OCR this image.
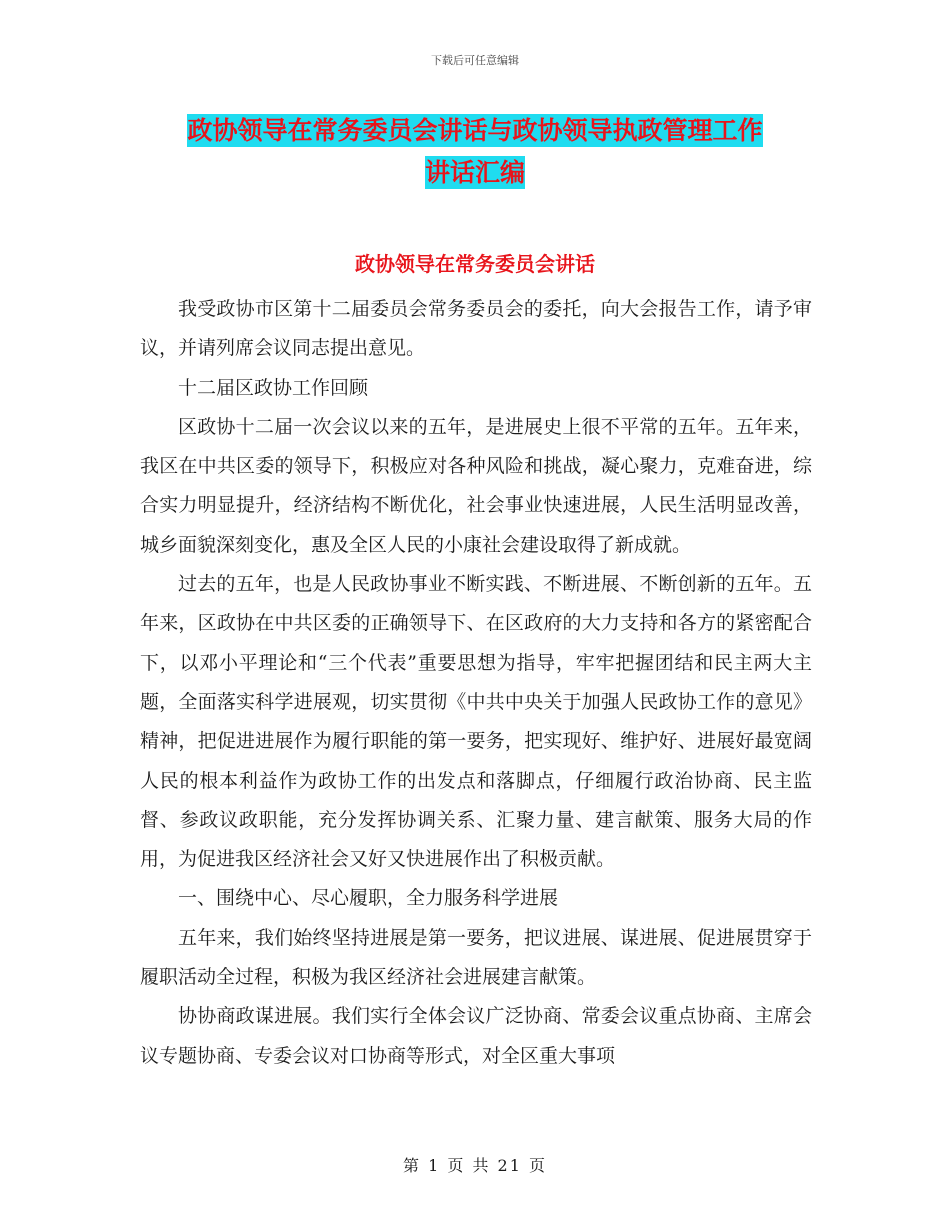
下载后可任意编辑
政协领导在常务委员会讲话与政协领导执政管理工作
讲话汇编
政协领导在常务委员会讲话

我受政协市区第十二届委员会常务委员会的委托，向大会报告工作，请予审议，并请列席会议同志提出意见。

十二届区政协工作回顾

区政协十二届一次会议以来的五年，是进展史上很不平常的五年。五年来，我区在中共区委的领导下，积极应对各种风险和挑战，凝心聚力，克难奋进，综合实力明显提升，经济结构不断优化，社会事业快速进展，人民生活明显改善，城乡面貌深刻变化，惠及全区人民的小康社会建设取得了新成就。

过去的五年，也是人民政协事业不断实践、不断进展、不断创新的五年。五年来，区政协在中共区委的正确领导下、在区政府的大力支持和各方的紧密配合下，以邓小平理论和“三个代表”重要思想为指导，牢牢把握团结和民主两大主题，全面落实科学进展观，切实贯彻《中共中央关于加强人民政协工作的意见》精神，把促进进展作为履行职能的第一要务，把实现好、维护好、进展好最宽阔人民的根本利益作为政协工作的出发点和落脚点，仔细履行政治协商、民主监督、参政议政职能，充分发挥协调关系、汇聚力量、建言献策、服务大局的作用，为促进我区经济社会又好又快进展作出了积极贡献。

一、围绕中心、尽心履职，全力服务科学进展

五年来，我们始终坚持进展是第一要务，把议进展、谋进展、促进展贯穿于履职活动全过程，积极为我区经济社会进展建言献策。

协协商政谋进展。我们实行全体会议广泛协商、常委会议重点协商、主席会议专题协商、专委会议对口协商等形式，对全区重大事项

第 1 页 共 21 页
